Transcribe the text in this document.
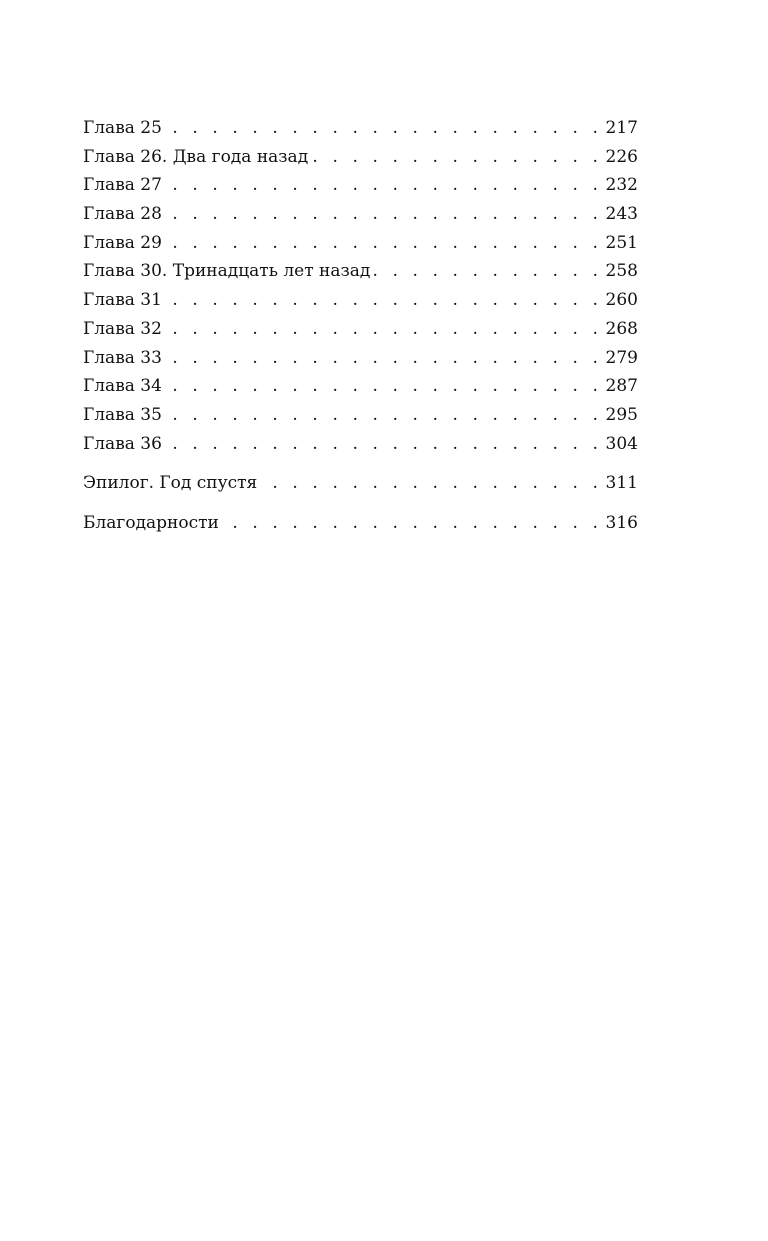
Глава 25 . . .	217
Глава 26. Два года назад . . .	226
Глава 27 . . .	232
Глава 28 . . .	243
Глава 29 . . .	251
Глава 30. Тринадцать лет назад . . .	258
Глава 31 . . .	260
Глава 32 . . .	268
Глава 33 . . .	279
Глава 34 . . .	287
Глава 35 . . .	295
Глава 36 . . .	304
Эпилог. Год спустя . . .	311
Благодарности . . .	316
